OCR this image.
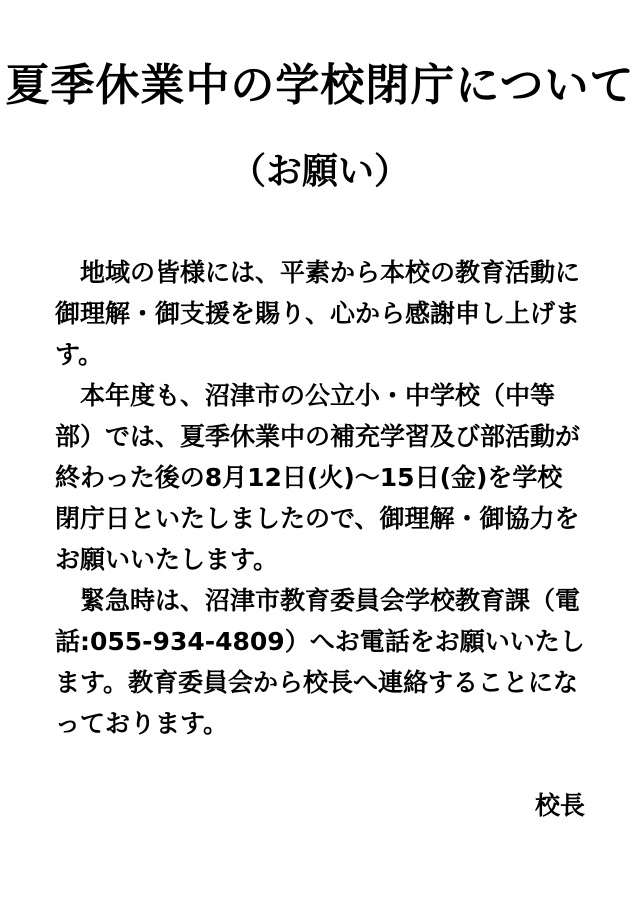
夏季休業中の学校閉庁について
（お願い）

地域の皆様には、平素から本校の教育活動に御理解・御支援を賜り、心から感謝申し上げます。

本年度も、沼津市の公立小・中学校（中等部）では、夏季休業中の補充学習及び部活動が終わった後の8月12日(火)～15日(金)を学校閉庁日といたしましたので、御理解・御協力をお願いいたします。

緊急時は、沼津市教育委員会学校教育課（電話:055-934-4809）へお電話をお願いいたします。教育委員会から校長へ連絡することになっております。

校長
